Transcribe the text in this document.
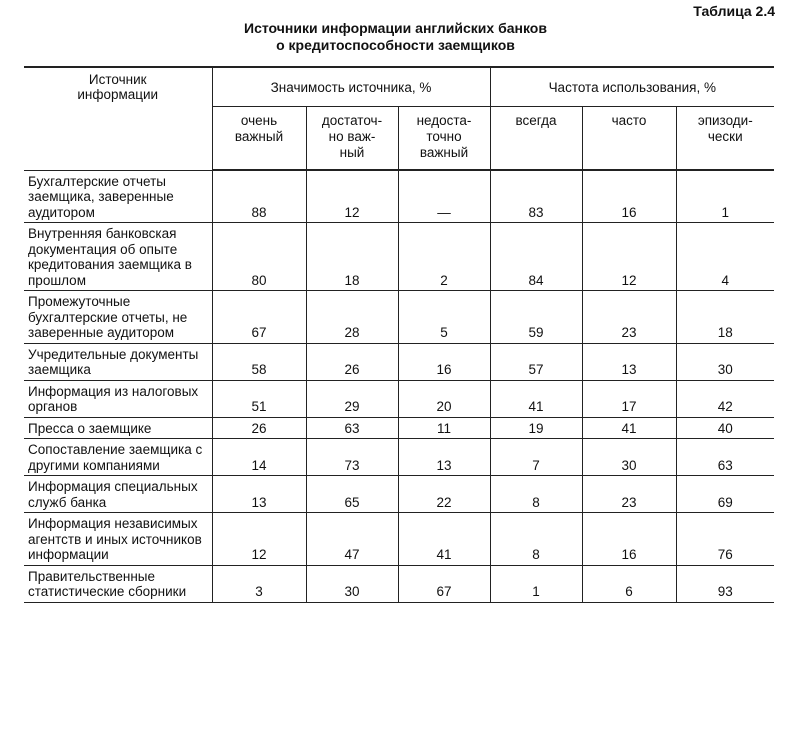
Таблица 2.4
Источники информации английских банков
о кредитоспособности заемщиков
Источник информации	Значимость источника, %			Частота использования, %		

	очень важный	достаточ-но важ-ный	недоста-точно важный	всегда	часто	эпизоди-чески

Бухгалтерские отчеты заемщика, заверенные аудитором	88	12	—	83	16	1
Внутренняя банковская документация об опыте кредитования заемщика в прошлом	80	18	2	84	12	4
Промежуточные бухгалтерские отчеты, не заверенные аудитором	67	28	5	59	23	18
Учредительные документы заемщика	58	26	16	57	13	30
Информация из налоговых органов	51	29	20	41	17	42
Пресса о заемщике	26	63	11	19	41	40
Сопоставление заемщика с другими компаниями	14	73	13	7	30	63
Информация специальных служб банка	13	65	22	8	23	69
Информация независимых агентств и иных источников информации	12	47	41	8	16	76
Правительственные статистические сборники	3	30	67	1	6	93
